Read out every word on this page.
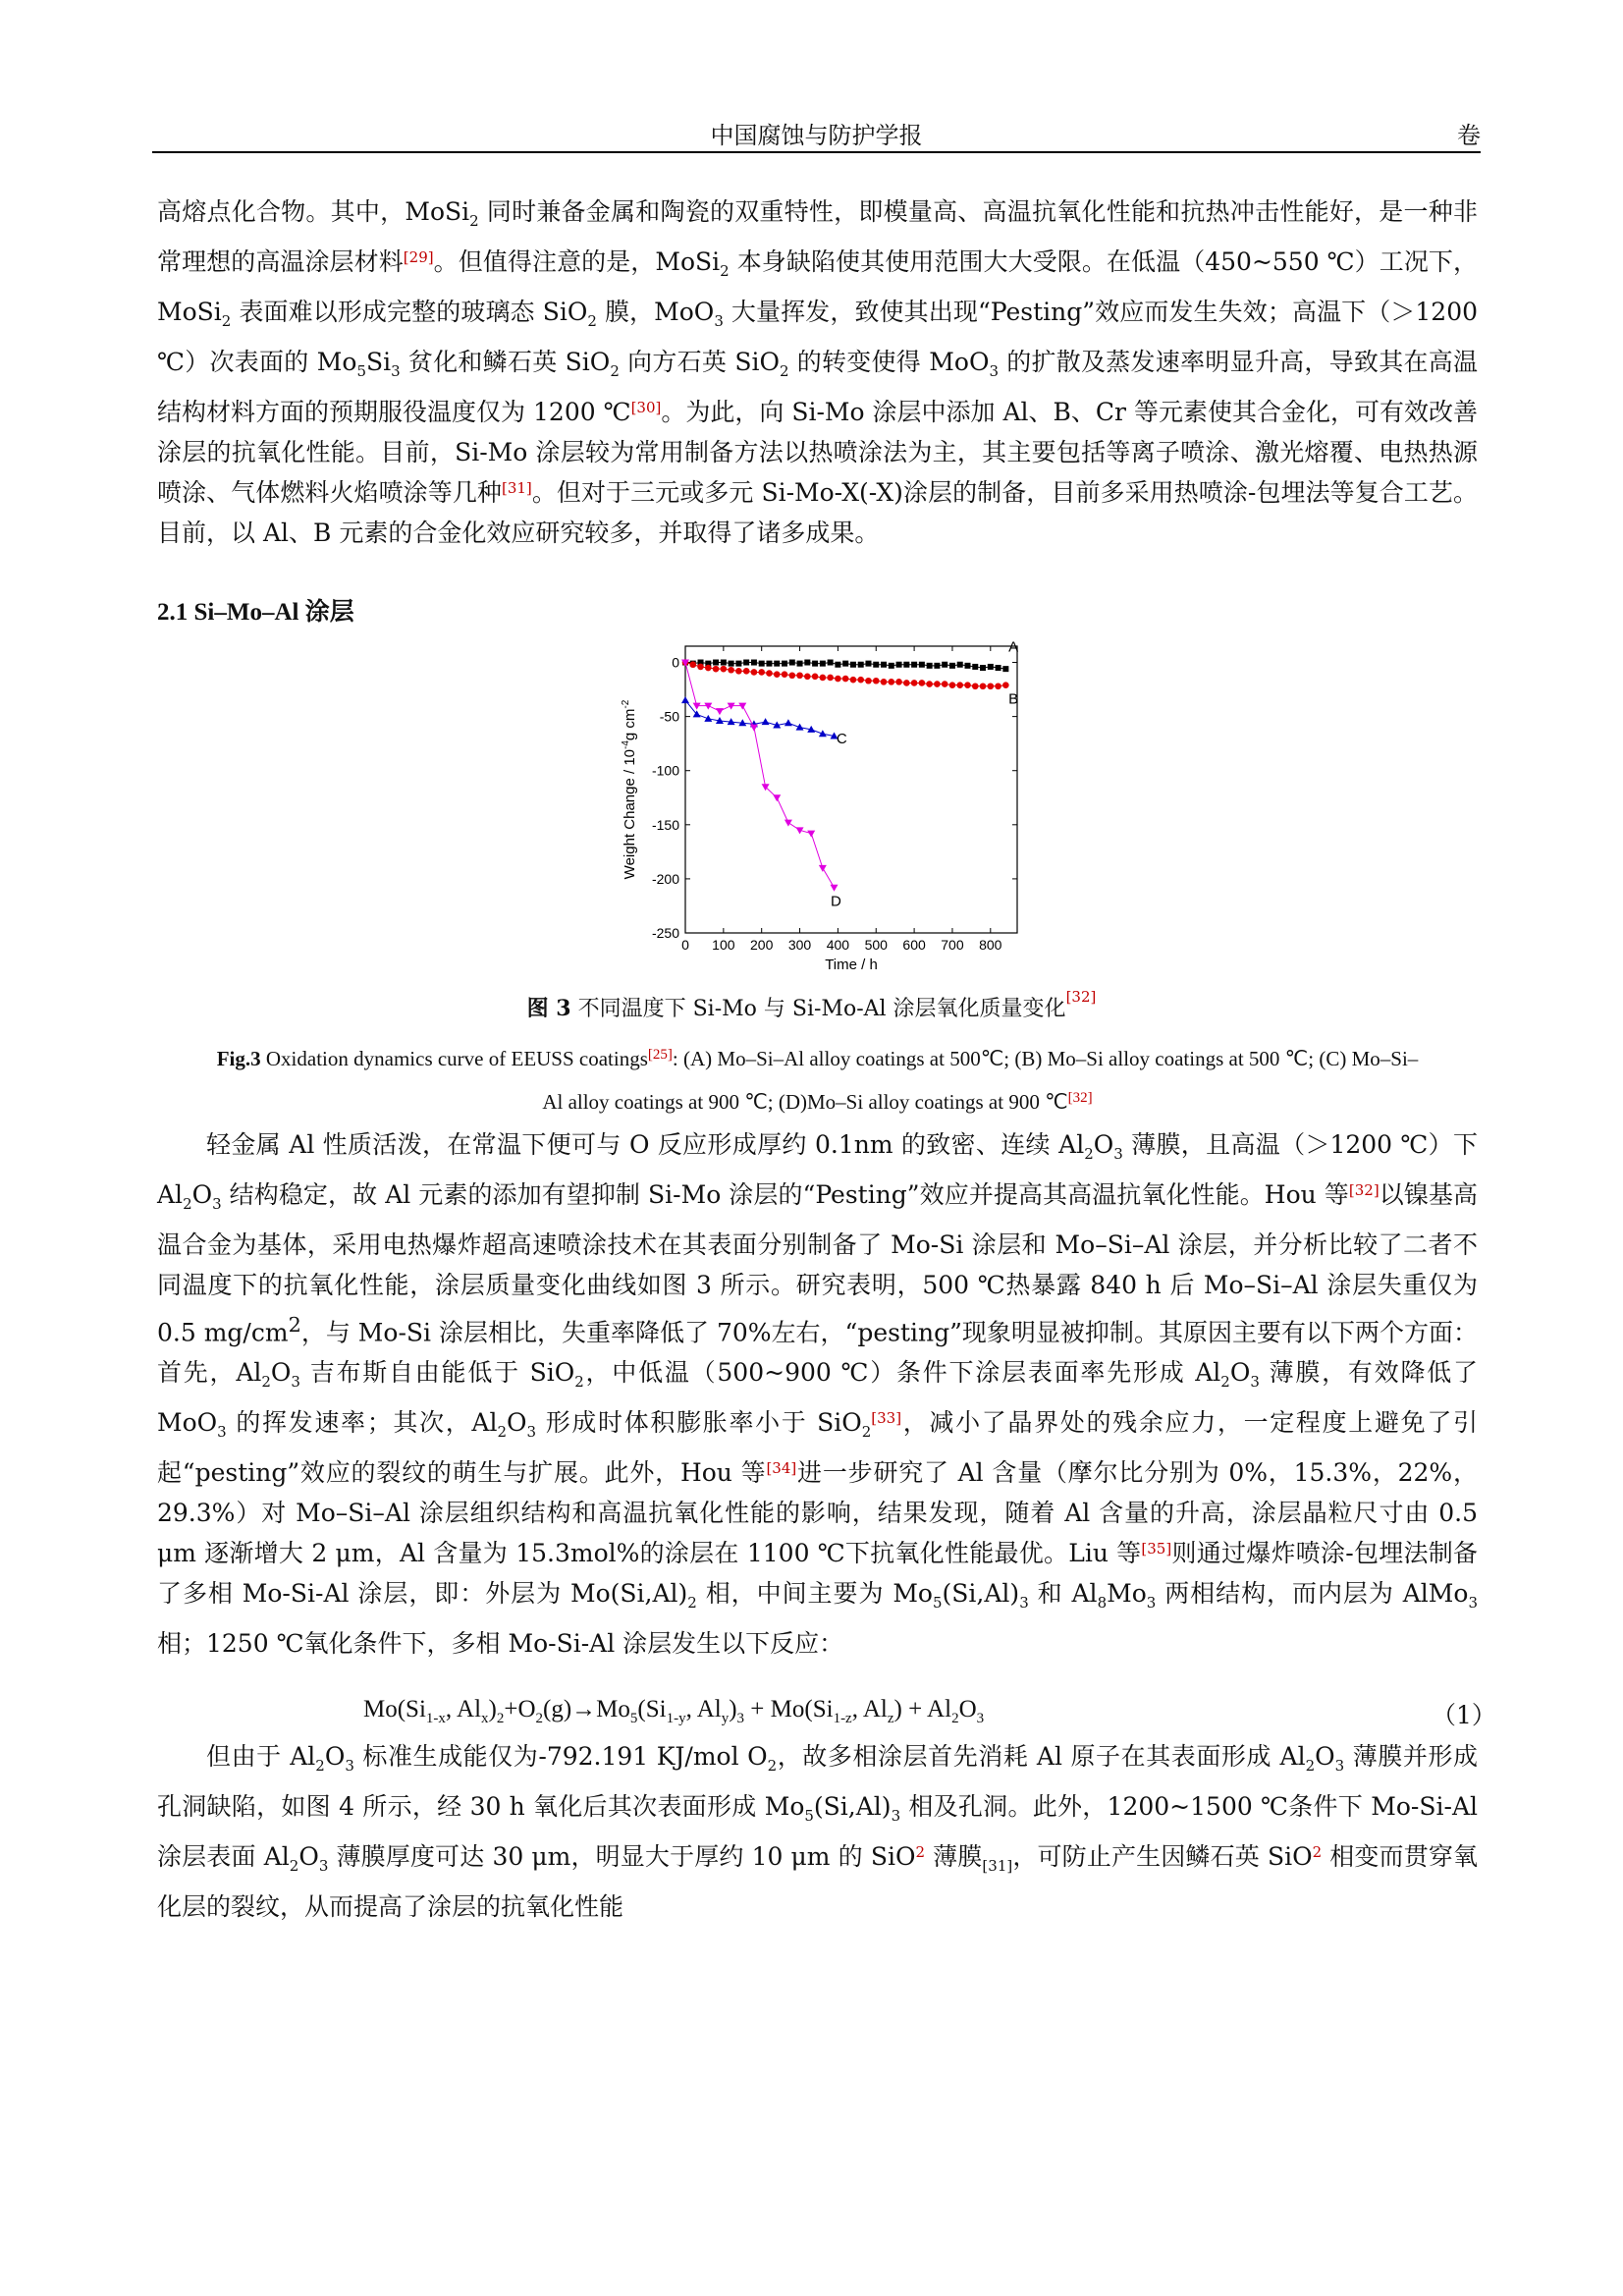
中国腐蚀与防护学报	卷

高熔点化合物。其中，MoSi$_2$ 同时兼备金属和陶瓷的双重特性，即模量高、高温抗氧化性能和抗热冲击性能好，是一种非常理想的高温涂层材料[29]。但值得注意的是，MoSi$_2$ 本身缺陷使其使用范围大大受限。在低温（450~550 ℃）工况下，MoSi$_2$ 表面难以形成完整的玻璃态 SiO$_2$ 膜，MoO$_3$ 大量挥发，致使其出现“Pesting”效应而发生失效；高温下（＞1200 ℃）次表面的 $Mo_5Si_3$ 贫化和鳞石英 SiO$_2$ 向方石英 SiO$_2$ 的转变使得 MoO$_3$ 的扩散及蒸发速率明显升高，导致其在高温结构材料方面的预期服役温度仅为 1200 ℃[30]。为此，向 Si-Mo 涂层中添加 Al、B、Cr 等元素使其合金化，可有效改善涂层的抗氧化性能。目前，Si-Mo 涂层较为常用制备方法以热喷涂法为主，其主要包括等离子喷涂、激光熔覆、电热热源喷涂、气体燃料火焰喷涂等几种[31]。但对于三元或多元 Si-Mo-X(-X)涂层的制备，目前多采用热喷涂-包埋法等复合工艺。目前，以 Al、B 元素的合金化效应研究较多，并取得了诸多成果。

2.1 Si–Mo–Al 涂层
0 100 200 300 400 500 600 700 800
0
-50
-100
-150
-200
-250
Time / h
Weight Change / $10^{-4}g$ $cm^{-2}$
A
B
C
D
图 3 不同温度下 Si-Mo 与 Si-Mo-Al 涂层氧化质量变化[32]
Fig.3 Oxidation dynamics curve of EEUSS coatings[25]: (A) Mo–Si–Al alloy coatings at 500℃; (B) Mo–Si alloy coatings at 500 ℃; (C) Mo–Si–Al alloy coatings at 900 ℃; (D)Mo–Si alloy coatings at 900 ℃[32]

轻金属 Al 性质活泼，在常温下便可与 O 反应形成厚约 0.1nm 的致密、连续 $Al_2O_3$ 薄膜，且高温（＞1200 ℃）下 $Al_2O_3$ 结构稳定，故 Al 元素的添加有望抑制 Si-Mo 涂层的“Pesting”效应并提高其高温抗氧化性能。Hou 等[32]以镍基高温合金为基体，采用电热爆炸超高速喷涂技术在其表面分别制备了 Mo-Si 涂层和 Mo–Si–Al 涂层，并分析比较了二者不同温度下的抗氧化性能，涂层质量变化曲线如图 3 所示。研究表明，500 ℃热暴露 840 h 后 Mo–Si–Al 涂层失重仅为 0.5 $mg/cm^2$，与 Mo-Si 涂层相比，失重率降低了 70%左右，“pesting”现象明显被抑制。其原因主要有以下两个方面：首先，$Al_2O_3$ 吉布斯自由能低于 SiO$_2$，中低温（500~900 ℃）条件下涂层表面率先形成 $Al_2O_3$ 薄膜，有效降低了 MoO$_3$ 的挥发速率；其次，$Al_2O_3$ 形成时体积膨胀率小于 SiO$_2$[33]，减小了晶界处的残余应力，一定程度上避免了引起“pesting”效应的裂纹的萌生与扩展。此外，Hou 等[34]进一步研究了 Al 含量（摩尔比分别为 0%，15.3%，22%，29.3%）对 Mo–Si–Al 涂层组织结构和高温抗氧化性能的影响，结果发现，随着 Al 含量的升高，涂层晶粒尺寸由 0.5 μm 逐渐增大 2 μm，Al 含量为 15.3mol%的涂层在 1100 ℃下抗氧化性能最优。Liu 等[35]则通过爆炸喷涂-包埋法制备了多相 Mo-Si-Al 涂层，即：外层为 $Mo(Si,Al)_2$ 相，中间主要为 $Mo_5(Si,Al)_3$ 和 $Al_8Mo_3$ 两相结构，而内层为 AlMo$_3$ 相；1250 ℃氧化条件下，多相 Mo-Si-Al 涂层发生以下反应：

$Mo(Si_{1-x}$, $Al_x)_2+O_2(g)\to Mo_5(Si_{1-y}$, $Al_y)_3 + Mo(Si_{1-z}$, $Al_z) + Al_2O_3$	（1）

但由于 $Al_2O_3$ 标准生成能仅为-792.191 KJ/mol $O_2$，故多相涂层首先消耗 Al 原子在其表面形成 $Al_2O_3$ 薄膜并形成孔洞缺陷，如图 4 所示，经 30 h 氧化后其次表面形成 $Mo_5(Si,Al)_3$ 相及孔洞。此外，1200~1500 ℃条件下 Mo-Si-Al 涂层表面 $Al_2O_3$ 薄膜厚度可达 30 μm，明显大于厚约 10 μm 的 SiO$^2$ 薄膜$_{[31]}$，可防止产生因鳞石英 SiO$^2$ 相变而贯穿氧化层的裂纹，从而提高了涂层的抗氧化性能
